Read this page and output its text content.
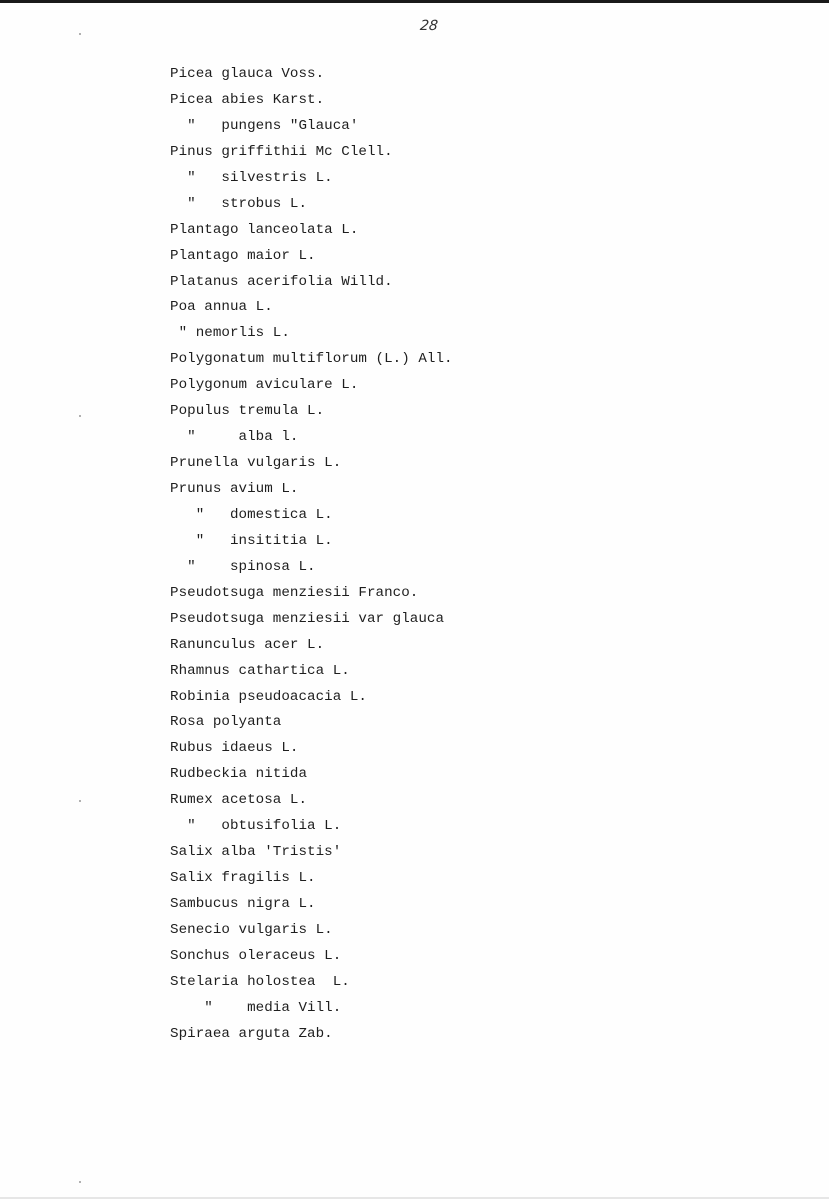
28
Picea glauca Voss.
Picea abies Karst.
"   pungens "Glauca'
Pinus griffithii Mc Clell.
"   silvestris L.
"   strobus L.
Plantago lanceolata L.
Plantago maior L.
Platanus acerifolia Willd.
Poa annua L.
" nemorlis L.
Polygonatum multiflorum (L.) All.
Polygonum aviculare L.
Populus tremula L.
"     alba l.
Prunella vulgaris L.
Prunus avium L.
"   domestica L.
"   insititia L.
"    spinosa L.
Pseudotsuga menziesii Franco.
Pseudotsuga menziesii var glauca
Ranunculus acer L.
Rhamnus cathartica L.
Robinia pseudoacacia L.
Rosa polyanta
Rubus idaeus L.
Rudbeckia nitida
Rumex acetosa L.
"   obtusifolia L.
Salix alba 'Tristis'
Salix fragilis L.
Sambucus nigra L.
Senecio vulgaris L.
Sonchus oleraceus L.
Stelaria holostea  L.
"    media Vill.
Spiraea arguta Zab.
